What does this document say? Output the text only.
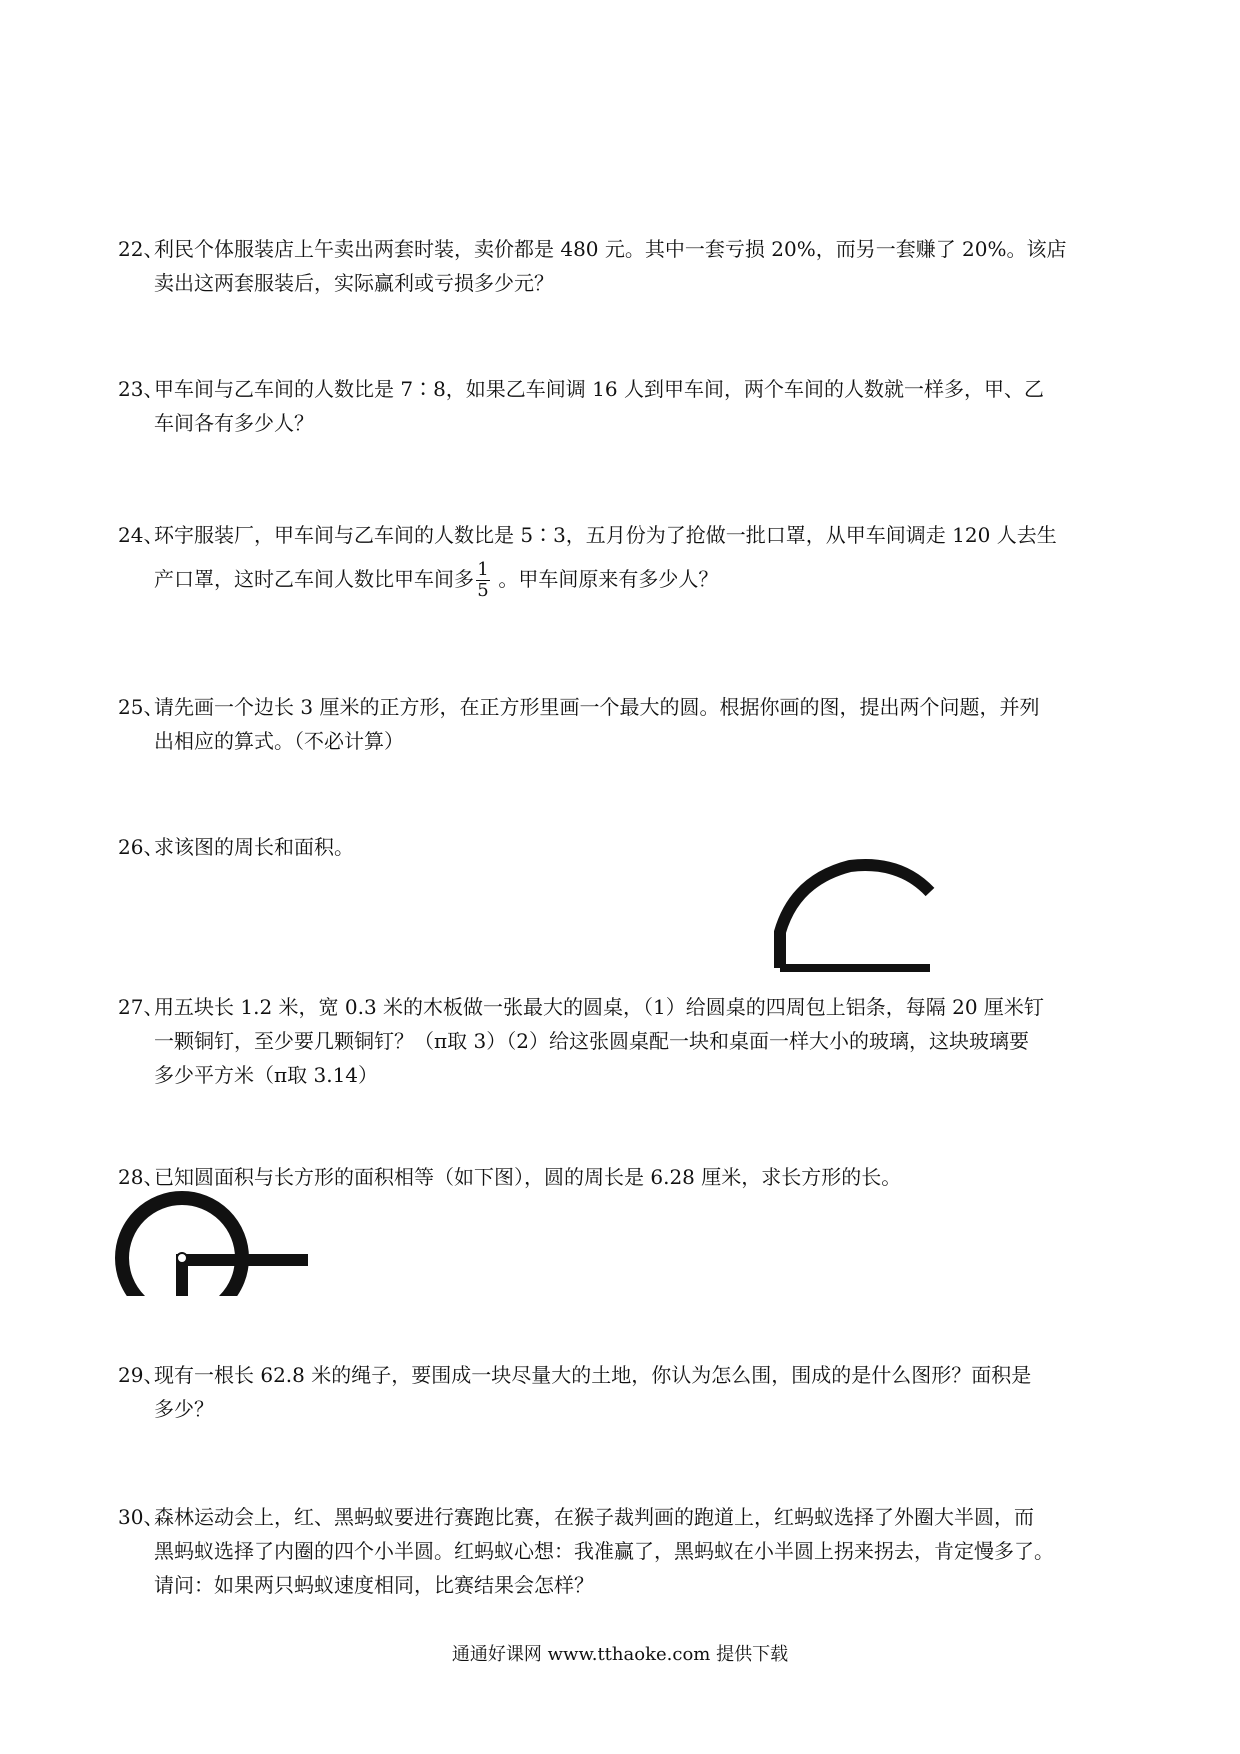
22、
利民个体服装店上午卖出两套时装，卖价都是 480 元。其中一套亏损 20%，而另一套赚了 20%。该店
卖出这两套服装后，实际赢利或亏损多少元？
23、
甲车间与乙车间的人数比是 7∶8，如果乙车间调 16 人到甲车间，两个车间的人数就一样多，甲、乙
车间各有多少人？
24、
环宇服装厂，甲车间与乙车间的人数比是 5∶3，五月份为了抢做一批口罩，从甲车间调走 120 人去生
产口罩，这时乙车间人数比甲车间多 $\frac{1}{5}$ 。甲车间原来有多少人？
25、
请先画一个边长 3 厘米的正方形，在正方形里画一个最大的圆。根据你画的图，提出两个问题，并列
出相应的算式。（不必计算）
26、
求该图的周长和面积。
27、
用五块长 1.2 米，宽 0.3 米的木板做一张最大的圆桌，（1）给圆桌的四周包上铝条，每隔 20 厘米钉
一颗铜钉，至少要几颗铜钉？（π取 3）（2）给这张圆桌配一块和桌面一样大小的玻璃，这块玻璃要
多少平方米（π取 3.14）
28、
已知圆面积与长方形的面积相等（如下图），圆的周长是 6.28 厘米，求长方形的长。
29、
现有一根长 62.8 米的绳子，要围成一块尽量大的土地，你认为怎么围，围成的是什么图形？面积是
多少？
30、
森林运动会上，红、黑蚂蚁要进行赛跑比赛，在猴子裁判画的跑道上，红蚂蚁选择了外圈大半圆，而
黑蚂蚁选择了内圈的四个小半圆。红蚂蚁心想：我准赢了，黑蚂蚁在小半圆上拐来拐去，肯定慢多了。
请问：如果两只蚂蚁速度相同，比赛结果会怎样？
通通好课网 www.tthaoke.com 提供下载
